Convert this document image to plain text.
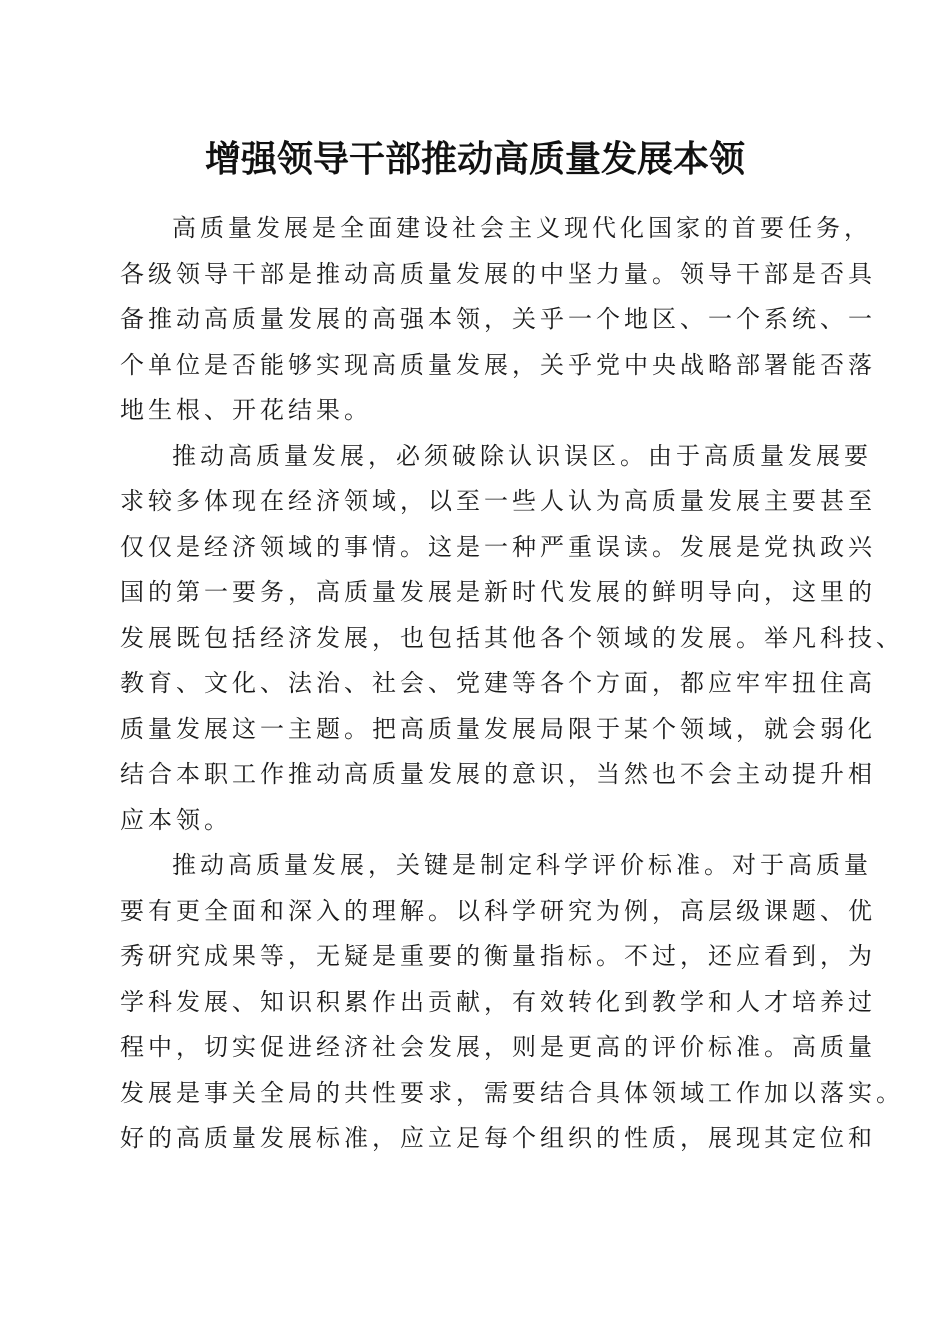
增强领导干部推动高质量发展本领
高质量发展是全面建设社会主义现代化国家的首要任务，
各级领导干部是推动高质量发展的中坚力量。领导干部是否具
备推动高质量发展的高强本领，关乎一个地区、一个系统、一
个单位是否能够实现高质量发展，关乎党中央战略部署能否落
地生根、开花结果。
推动高质量发展，必须破除认识误区。由于高质量发展要
求较多体现在经济领域，以至一些人认为高质量发展主要甚至
仅仅是经济领域的事情。这是一种严重误读。发展是党执政兴
国的第一要务，高质量发展是新时代发展的鲜明导向，这里的
发展既包括经济发展，也包括其他各个领域的发展。举凡科技、
教育、文化、法治、社会、党建等各个方面，都应牢牢扭住高
质量发展这一主题。把高质量发展局限于某个领域，就会弱化
结合本职工作推动高质量发展的意识，当然也不会主动提升相
应本领。
推动高质量发展，关键是制定科学评价标准。对于高质量
要有更全面和深入的理解。以科学研究为例，高层级课题、优
秀研究成果等，无疑是重要的衡量指标。不过，还应看到，为
学科发展、知识积累作出贡献，有效转化到教学和人才培养过
程中，切实促进经济社会发展，则是更高的评价标准。高质量
发展是事关全局的共性要求，需要结合具体领域工作加以落实。
好的高质量发展标准，应立足每个组织的性质，展现其定位和
